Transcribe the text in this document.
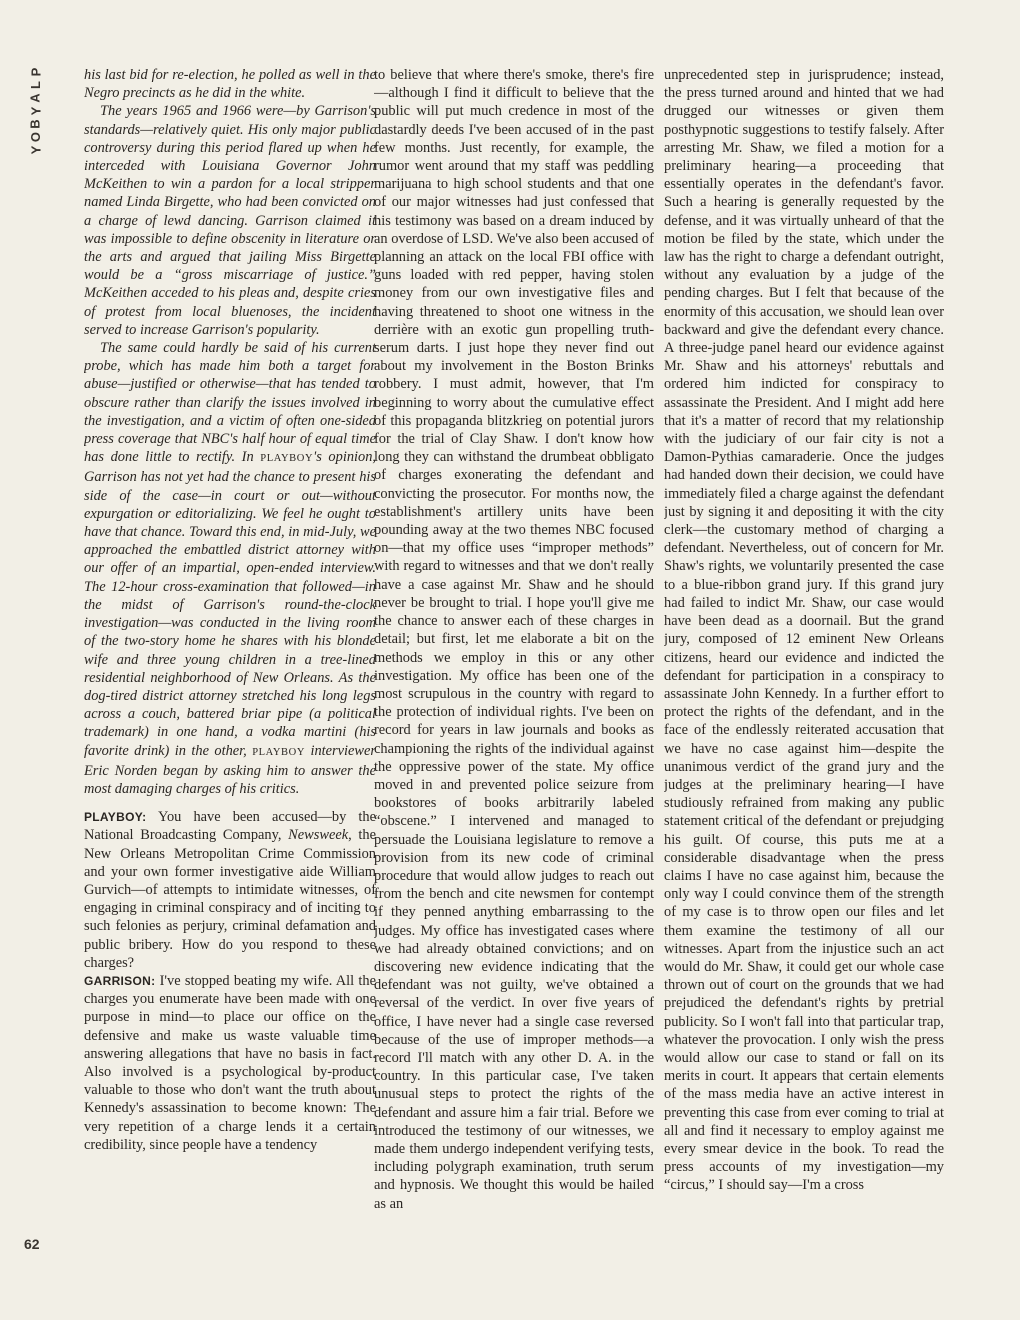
P
L
A
Y
B
O
Y
62

his last bid for re-election, he polled as well in the Negro precincts as he did in the white.

The years 1965 and 1966 were—by Garrison's standards—relatively quiet. His only major public controversy during this period flared up when he interceded with Louisiana Governor John McKeithen to win a pardon for a local stripper named Linda Birgette, who had been convicted on a charge of lewd dancing. Garrison claimed it was impossible to define obscenity in literature or the arts and argued that jailing Miss Birgette would be a “gross miscarriage of justice.” McKeithen acceded to his pleas and, despite cries of protest from local bluenoses, the incident served to increase Garrison's popularity.

The same could hardly be said of his current probe, which has made him both a target for abuse—justified or otherwise—that has tended to obscure rather than clarify the issues involved in the investigation, and a victim of often one-sided press coverage that NBC's half hour of equal time has done little to rectify. In PLAYBOY's opinion, Garrison has not yet had the chance to present his side of the case—in court or out—without expurgation or editorializing. We feel he ought to have that chance. Toward this end, in mid-July, we approached the embattled district attorney with our offer of an impartial, open-ended interview. The 12-hour cross-examination that followed—in the midst of Garrison's round-the-clock investigation—was conducted in the living room of the two-story home he shares with his blonde wife and three young children in a tree-lined residential neighborhood of New Orleans. As the dog-tired district attorney stretched his long legs across a couch, battered briar pipe (a political trademark) in one hand, a vodka martini (his favorite drink) in the other, PLAYBOY interviewer Eric Norden began by asking him to answer the most damaging charges of his critics.

PLAYBOY: You have been accused—by the National Broadcasting Company, Newsweek, the New Orleans Metropolitan Crime Commission and your own former investigative aide William Gurvich—of attempts to intimidate witnesses, of engaging in criminal conspiracy and of inciting to such felonies as perjury, criminal defamation and public bribery. How do you respond to these charges?

GARRISON: I've stopped beating my wife. All the charges you enumerate have been made with one purpose in mind—to place our office on the defensive and make us waste valuable time answering allegations that have no basis in fact. Also involved is a psychological by-product valuable to those who don't want the truth about Kennedy's assassination to become known: The very repetition of a charge lends it a certain credibility, since people have a tendency

to believe that where there's smoke, there's fire—although I find it difficult to believe that the public will put much credence in most of the dastardly deeds I've been accused of in the past few months. Just recently, for example, the rumor went around that my staff was peddling marijuana to high school students and that one of our major witnesses had just confessed that his testimony was based on a dream induced by an overdose of LSD. We've also been accused of planning an attack on the local FBI office with guns loaded with red pepper, having stolen money from our own investigative files and having threatened to shoot one witness in the derrière with an exotic gun propelling truth-serum darts. I just hope they never find out about my involvement in the Boston Brinks robbery. I must admit, however, that I'm beginning to worry about the cumulative effect of this propaganda blitzkrieg on potential jurors for the trial of Clay Shaw. I don't know how long they can withstand the drumbeat obbligato of charges exonerating the defendant and convicting the prosecutor. For months now, the establishment's artillery units have been pounding away at the two themes NBC focused on—that my office uses “improper methods” with regard to witnesses and that we don't really have a case against Mr. Shaw and he should never be brought to trial. I hope you'll give me the chance to answer each of these charges in detail; but first, let me elaborate a bit on the methods we employ in this or any other investigation. My office has been one of the most scrupulous in the country with regard to the protection of individual rights. I've been on record for years in law journals and books as championing the rights of the individual against the oppressive power of the state. My office moved in and prevented police seizure from bookstores of books arbitrarily labeled “obscene.” I intervened and managed to persuade the Louisiana legislature to remove a provision from its new code of criminal procedure that would allow judges to reach out from the bench and cite newsmen for contempt if they penned anything embarrassing to the judges. My office has investigated cases where we had already obtained convictions; and on discovering new evidence indicating that the defendant was not guilty, we've obtained a reversal of the verdict. In over five years of office, I have never had a single case reversed because of the use of improper methods—a record I'll match with any other D. A. in the country. In this particular case, I've taken unusual steps to protect the rights of the defendant and assure him a fair trial. Before we introduced the testimony of our witnesses, we made them undergo independent verifying tests, including polygraph examination, truth serum and hypnosis. We thought this would be hailed as an

unprecedented step in jurisprudence; instead, the press turned around and hinted that we had drugged our witnesses or given them posthypnotic suggestions to testify falsely. After arresting Mr. Shaw, we filed a motion for a preliminary hearing—a proceeding that essentially operates in the defendant's favor. Such a hearing is generally requested by the defense, and it was virtually unheard of that the motion be filed by the state, which under the law has the right to charge a defendant outright, without any evaluation by a judge of the pending charges. But I felt that because of the enormity of this accusation, we should lean over backward and give the defendant every chance. A three-judge panel heard our evidence against Mr. Shaw and his attorneys' rebuttals and ordered him indicted for conspiracy to assassinate the President. And I might add here that it's a matter of record that my relationship with the judiciary of our fair city is not a Damon-Pythias camaraderie. Once the judges had handed down their decision, we could have immediately filed a charge against the defendant just by signing it and depositing it with the city clerk—the customary method of charging a defendant. Nevertheless, out of concern for Mr. Shaw's rights, we voluntarily presented the case to a blue-ribbon grand jury. If this grand jury had failed to indict Mr. Shaw, our case would have been dead as a doornail. But the grand jury, composed of 12 eminent New Orleans citizens, heard our evidence and indicted the defendant for participation in a conspiracy to assassinate John Kennedy. In a further effort to protect the rights of the defendant, and in the face of the endlessly reiterated accusation that we have no case against him—despite the unanimous verdict of the grand jury and the judges at the preliminary hearing—I have studiously refrained from making any public statement critical of the defendant or prejudging his guilt. Of course, this puts me at a considerable disadvantage when the press claims I have no case against him, because the only way I could convince them of the strength of my case is to throw open our files and let them examine the testimony of all our witnesses. Apart from the injustice such an act would do Mr. Shaw, it could get our whole case thrown out of court on the grounds that we had prejudiced the defendant's rights by pretrial publicity. So I won't fall into that particular trap, whatever the provocation. I only wish the press would allow our case to stand or fall on its merits in court. It appears that certain elements of the mass media have an active interest in preventing this case from ever coming to trial at all and find it necessary to employ against me every smear device in the book. To read the press accounts of my investigation—my “circus,” I should say—I'm a cross
